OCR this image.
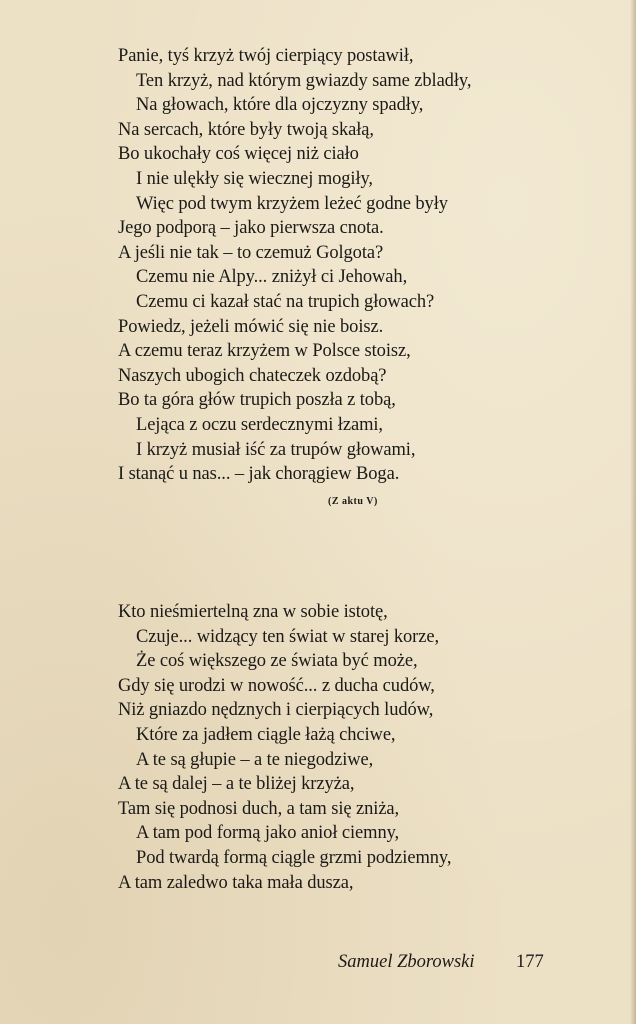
Panie, tyś krzyż twój cierpiący postawił,
Ten krzyż, nad którym gwiazdy same zbladły,
Na głowach, które dla ojczyzny spadły,
Na sercach, które były twoją skałą,
Bo ukochały coś więcej niż ciało
I nie ulękły się wiecznej mogiły,
Więc pod twym krzyżem leżeć godne były
Jego podporą – jako pierwsza cnota.
A jeśli nie tak – to czemuż Golgota?
Czemu nie Alpy... zniżył ci Jehowah,
Czemu ci kazał stać na trupich głowach?
Powiedz, jeżeli mówić się nie boisz.
A czemu teraz krzyżem w Polsce stoisz,
Naszych ubogich chateczek ozdobą?
Bo ta góra głów trupich poszła z tobą,
Lejąca z oczu serdecznymi łzami,
I krzyż musiał iść za trupów głowami,
I stanąć u nas... – jak chorągiew Boga.
(Z aktu V)
Kto nieśmiertelną zna w sobie istotę,
Czuje... widzący ten świat w starej korze,
Że coś większego ze świata być może,
Gdy się urodzi w nowość... z ducha cudów,
Niż gniazdo nędznych i cierpiących ludów,
Które za jadłem ciągle łażą chciwe,
A te są głupie – a te niegodziwe,
A te są dalej – a te bliżej krzyża,
Tam się podnosi duch, a tam się zniża,
A tam pod formą jako anioł ciemny,
Pod twardą formą ciągle grzmi podziemny,
A tam zaledwo taka mała dusza,
Samuel Zborowski 177
